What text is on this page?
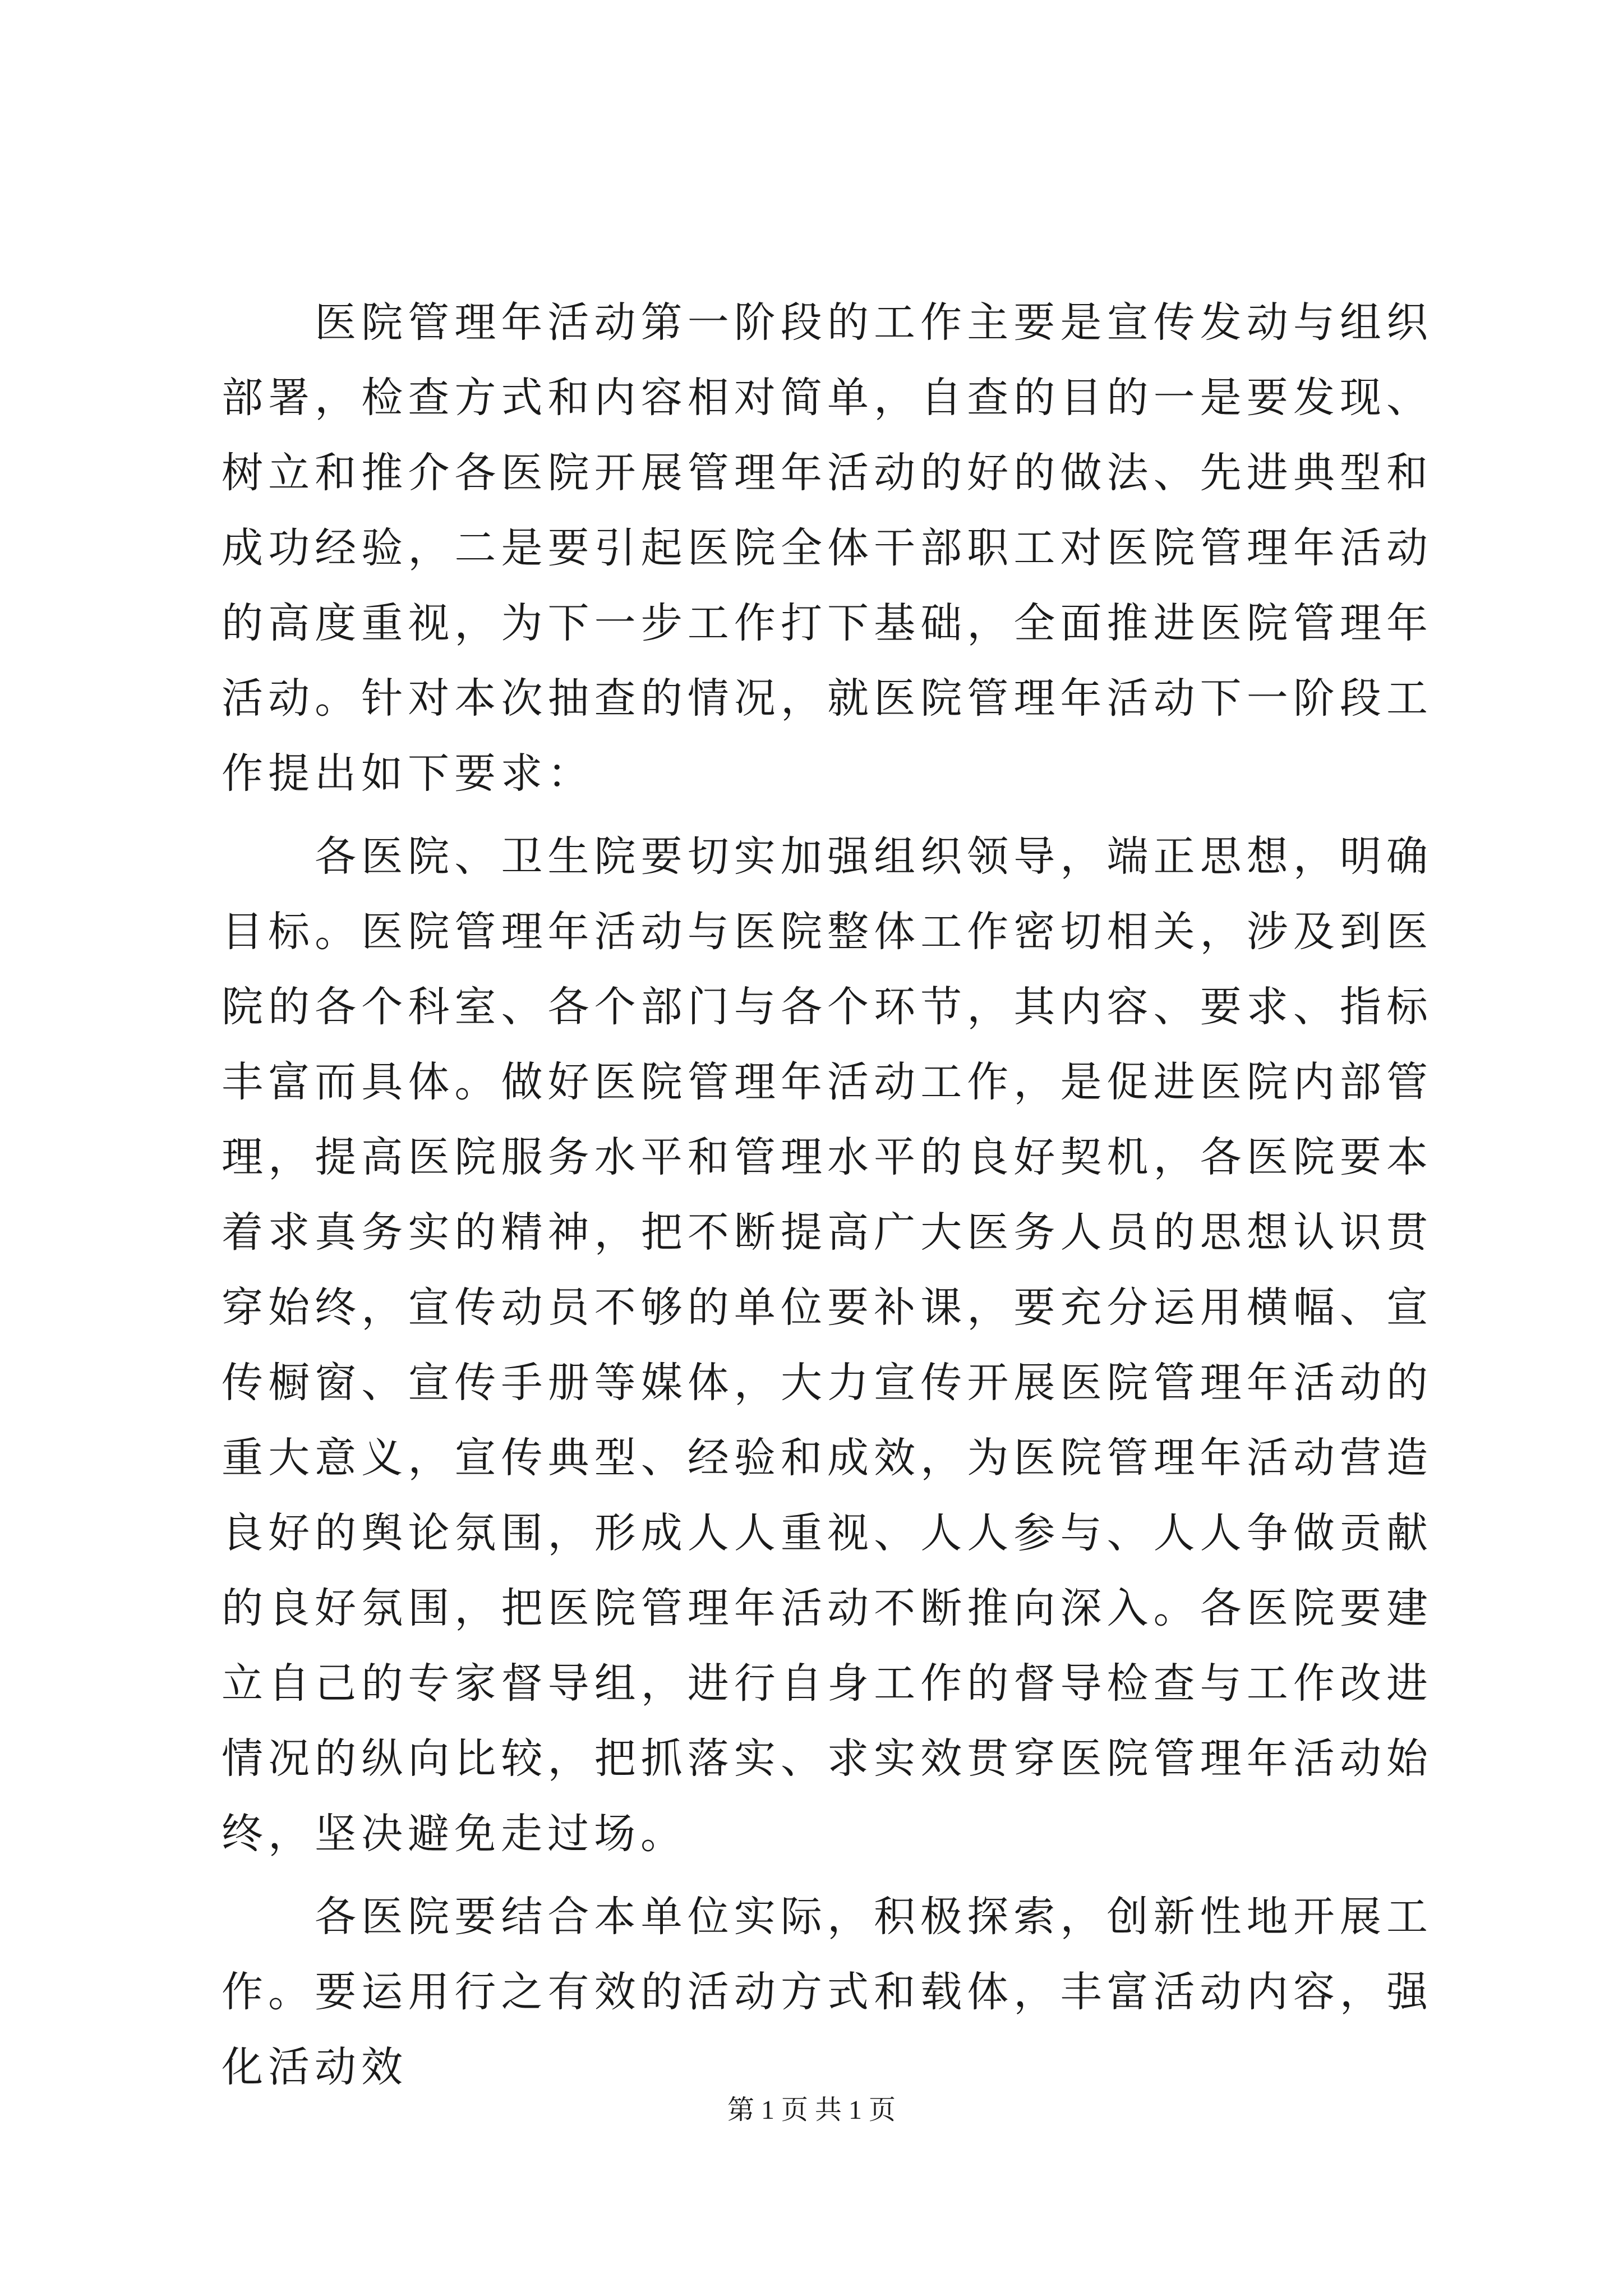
医院管理年活动第一阶段的工作主要是宣传发动与组织部署，检查方式和内容相对简单，自查的目的一是要发现、树立和推介各医院开展管理年活动的好的做法、先进典型和成功经验，二是要引起医院全体干部职工对医院管理年活动的高度重视，为下一步工作打下基础，全面推进医院管理年活动。针对本次抽查的情况，就医院管理年活动下一阶段工作提出如下要求：

各医院、卫生院要切实加强组织领导，端正思想，明确目标。医院管理年活动与医院整体工作密切相关，涉及到医院的各个科室、各个部门与各个环节，其内容、要求、指标丰富而具体。做好医院管理年活动工作，是促进医院内部管理，提高医院服务水平和管理水平的良好契机，各医院要本着求真务实的精神，把不断提高广大医务人员的思想认识贯穿始终，宣传动员不够的单位要补课，要充分运用横幅、宣传橱窗、宣传手册等媒体，大力宣传开展医院管理年活动的重大意义，宣传典型、经验和成效，为医院管理年活动营造良好的舆论氛围，形成人人重视、人人参与、人人争做贡献的良好氛围，把医院管理年活动不断推向深入。各医院要建立自己的专家督导组，进行自身工作的督导检查与工作改进情况的纵向比较，把抓落实、求实效贯穿医院管理年活动始终，坚决避免走过场。

各医院要结合本单位实际，积极探索，创新性地开展工作。要运用行之有效的活动方式和载体，丰富活动内容，强化活动效

第 1 页 共 1 页
